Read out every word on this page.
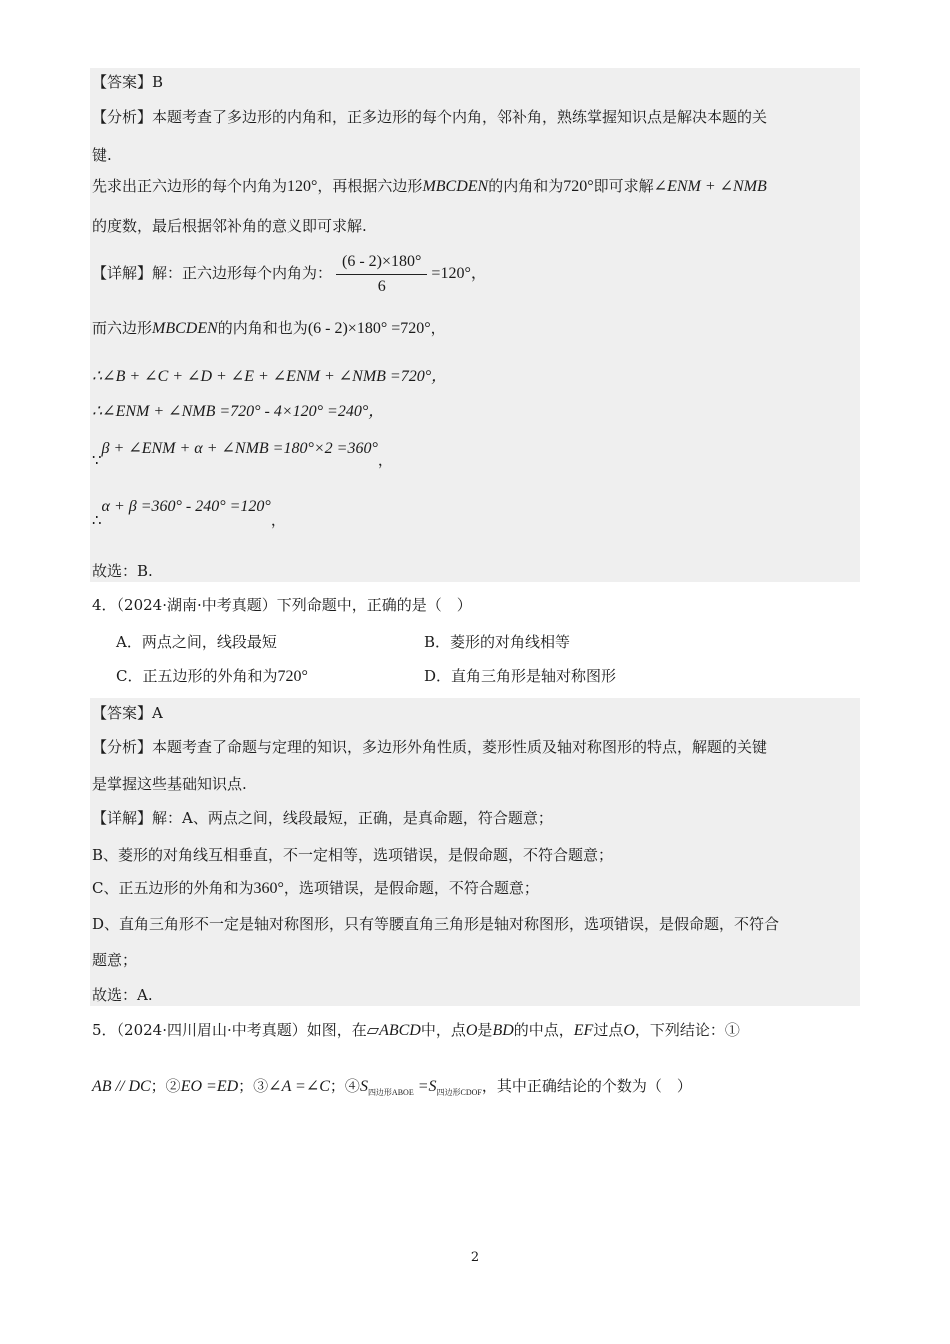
【答案】B
【分析】本题考查了多边形的内角和，正多边形的每个内角，邻补角，熟练掌握知识点是解决本题的关
键.
先求出正六边形的每个内角为120°，再根据六边形MBCDEN的内角和为720°即可求解∠ENM + ∠NMB
的度数，最后根据邻补角的意义即可求解.
【详解】解：正六边形每个内角为： $\frac{(6 - 2)\times 180^\circ}{6} =120^\circ$，
而六边形MBCDEN的内角和也为(6 - 2)×180° =720°，
∴∠B + ∠C + ∠D + ∠E + ∠ENM + ∠NMB =720°，
∴∠ENM + ∠NMB =720° - 4×120° =240°，
∵β + ∠ENM + α + ∠NMB =180°×2 =360°，
∴α + β =360° - 240° =120°，
故选：B.
4．（2024·湖南·中考真题）下列命题中，正确的是（　）
A．两点之间，线段最短	B．菱形的对角线相等
C．正五边形的外角和为720°	D．直角三角形是轴对称图形
【答案】A
【分析】本题考查了命题与定理的知识，多边形外角性质，菱形性质及轴对称图形的特点，解题的关键
是掌握这些基础知识点.
【详解】解：A、两点之间，线段最短，正确，是真命题，符合题意；
B、菱形的对角线互相垂直，不一定相等，选项错误，是假命题，不符合题意；
C、正五边形的外角和为360°，选项错误，是假命题，不符合题意；
D、直角三角形不一定是轴对称图形，只有等腰直角三角形是轴对称图形，选项错误，是假命题，不符合
题意；
故选：A.
5．（2024·四川眉山·中考真题）如图，在▱ABCD中，点O是BD的中点，EF过点O，下列结论：①
AB // DC；②EO =ED；③∠A =∠C；$④S_{四边形ABOE} =S_{四边形CDOF}$，其中正确结论的个数为（　）
2
